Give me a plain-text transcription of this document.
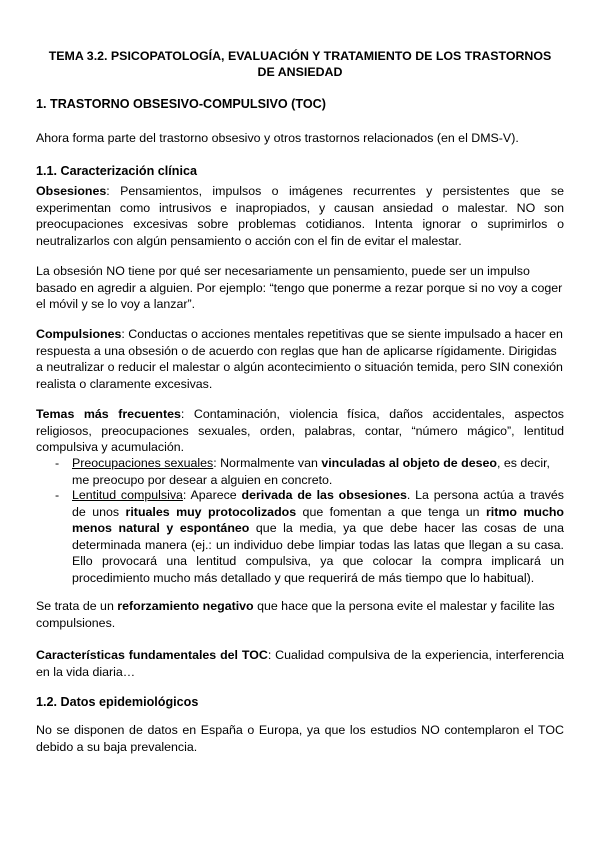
TEMA 3.2. PSICOPATOLOGÍA, EVALUACIÓN Y TRATAMIENTO DE LOS TRASTORNOS DE ANSIEDAD
1. TRASTORNO OBSESIVO-COMPULSIVO (TOC)
Ahora forma parte del trastorno obsesivo y otros trastornos relacionados (en el DMS-V).
1.1. Caracterización clínica
Obsesiones: Pensamientos, impulsos o imágenes recurrentes y persistentes que se experimentan como intrusivos e inapropiados, y causan ansiedad o malestar. NO son preocupaciones excesivas sobre problemas cotidianos. Intenta ignorar o suprimirlos o neutralizarlos con algún pensamiento o acción con el fin de evitar el malestar.
La obsesión NO tiene por qué ser necesariamente un pensamiento, puede ser un impulso basado en agredir a alguien. Por ejemplo: “tengo que ponerme a rezar porque si no voy a coger el móvil y se lo voy a lanzar”.
Compulsiones: Conductas o acciones mentales repetitivas que se siente impulsado a hacer en respuesta a una obsesión o de acuerdo con reglas que han de aplicarse rígidamente. Dirigidas a neutralizar o reducir el malestar o algún acontecimiento o situación temida, pero SIN conexión realista o claramente excesivas.
Temas más frecuentes: Contaminación, violencia física, daños accidentales, aspectos religiosos, preocupaciones sexuales, orden, palabras, contar, “número mágico”, lentitud compulsiva y acumulación.
- Preocupaciones sexuales: Normalmente van vinculadas al objeto de deseo, es decir, me preocupo por desear a alguien en concreto.
- Lentitud compulsiva: Aparece derivada de las obsesiones. La persona actúa a través de unos rituales muy protocolizados que fomentan a que tenga un ritmo mucho menos natural y espontáneo que la media, ya que debe hacer las cosas de una determinada manera (ej.: un individuo debe limpiar todas las latas que llegan a su casa. Ello provocará una lentitud compulsiva, ya que colocar la compra implicará un procedimiento mucho más detallado y que requerirá de más tiempo que lo habitual).
Se trata de un reforzamiento negativo que hace que la persona evite el malestar y facilite las compulsiones.
Características fundamentales del TOC: Cualidad compulsiva de la experiencia, interferencia en la vida diaria…
1.2. Datos epidemiológicos
No se disponen de datos en España o Europa, ya que los estudios NO contemplaron el TOC debido a su baja prevalencia.
